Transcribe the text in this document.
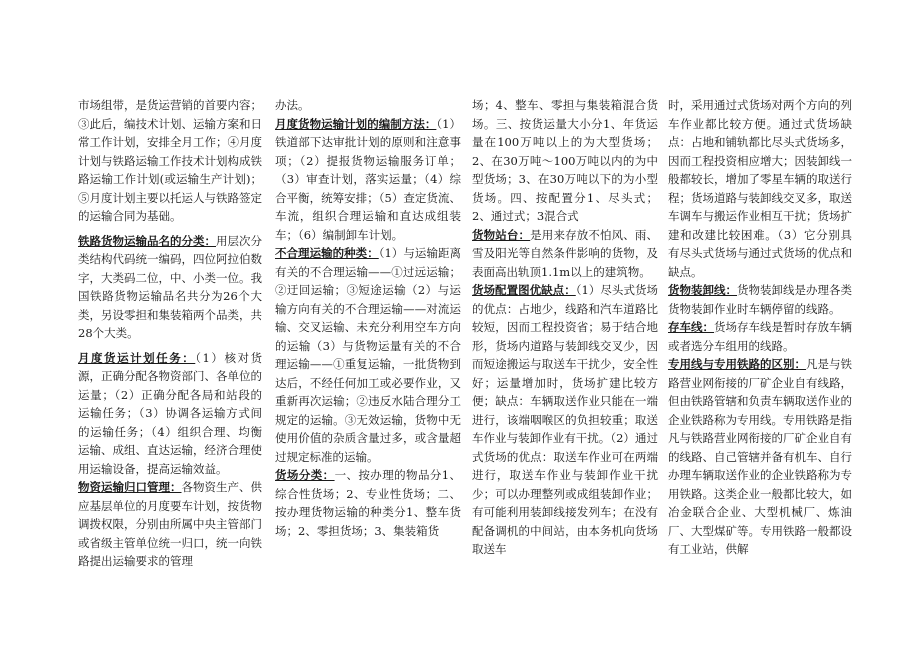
市场组带，是货运营销的首要内容；③此后，编技术计划、运输方案和日常工作计划，安排全月工作；④月度计划与铁路运输工作技术计划构成铁路运输工作计划(或运输生产计划)；⑤月度计划主要以托运人与铁路签定的运输合同为基础。

铁路货物运输品名的分类：用层次分类结构代码统一编码，四位阿拉伯数字，大类码二位，中、小类一位。我国铁路货物运输品名共分为26个大类，另设零担和集装箱两个品类，共28个大类。

月度货运计划任务：（1）核对货源，正确分配各物资部门、各单位的运量；（2）正确分配各局和站段的运输任务；（3）协调各运输方式间的运输任务；（4）组织合理、均衡运输、成组、直达运输，经济合理使用运输设备，提高运输效益。

物资运输归口管理：各物资生产、供应基层单位的月度要车计划，按货物调拨权限，分别由所属中央主管部门或省级主管单位统一归口，统一向铁路提出运输要求的管理

办法。

月度货物运输计划的编制方法：（1）铁道部下达审批计划的原则和注意事项；（2）提报货物运输服务订单；（3）审查计划，落实运量；（4）综合平衡，统筹安排；（5）查定货流、车流，组织合理运输和直达成组装车；（6）编制卸车计划。

不合理运输的种类：（1）与运输距离有关的不合理运输——①过远运输；②迂回运输；③短途运输（2）与运输方向有关的不合理运输——对流运输、交叉运输、未充分利用空车方向的运输（3）与货物运量有关的不合理运输——①重复运输，一批货物到达后，不经任何加工或必要作业，又重新再次运输；②违反水陆合理分工规定的运输。③无效运输，货物中无使用价值的杂质含量过多，或含量超过规定标准的运输。

货场分类：一、按办理的物品分1、综合性货场；2、专业性货场；二、按办理货物运输的种类分1、整车货场；2、零担货场；3、集装箱货

场；4、整车、零担与集装箱混合货场。三、按货运量大小分1、年货运量在100万吨以上的为大型货场；2、在30万吨～100万吨以内的为中型货场；3、在30万吨以下的为小型货场。四、按配置分1、尽头式；2、通过式；3混合式

货物站台：是用来存放不怕风、雨、雪及阳光等自然条件影响的货物，及表面高出轨顶1.1m以上的建筑物。

货场配置图优缺点：（1）尽头式货场的优点：占地少，线路和汽车道路比较短，因而工程投资省；易于结合地形，货场内道路与装卸线交叉少，因而短途搬运与取送车干扰少，安全性好；运量增加时，货场扩建比较方便；缺点：车辆取送作业只能在一端进行，该端咽喉区的负担较重；取送车作业与装卸作业有干扰。（2）通过式货场的优点：取送车作业可在两端进行，取送车作业与装卸作业干扰少；可以办理整列或成组装卸作业；有可能利用装卸线接发列车；在没有配备调机的中间站，由本务机向货场取送车

时，采用通过式货场对两个方向的列车作业都比较方便。通过式货场缺点：占地和铺轨都比尽头式货场多，因而工程投资相应增大；因装卸线一般都较长，增加了零星车辆的取送行程；货场道路与装卸线交叉多，取送车调车与搬运作业相互干扰；货场扩建和改建比较困难。（3）它分别具有尽头式货场与通过式货场的优点和缺点。

货物装卸线：货物装卸线是办理各类货物装卸作业时车辆停留的线路。

存车线：货场存车线是暂时存放车辆或者选分车组用的线路。

专用线与专用铁路的区别：凡是与铁路营业网衔接的厂矿企业自有线路，但由铁路管辖和负责车辆取送作业的企业铁路称为专用线。专用铁路是指凡与铁路营业网衔接的厂矿企业自有的线路、自己管辖并备有机车、自行办理车辆取送作业的企业铁路称为专用铁路。这类企业一般都比较大，如冶金联合企业、大型机械厂、炼油厂、大型煤矿等。专用铁路一般都设有工业站，供解
